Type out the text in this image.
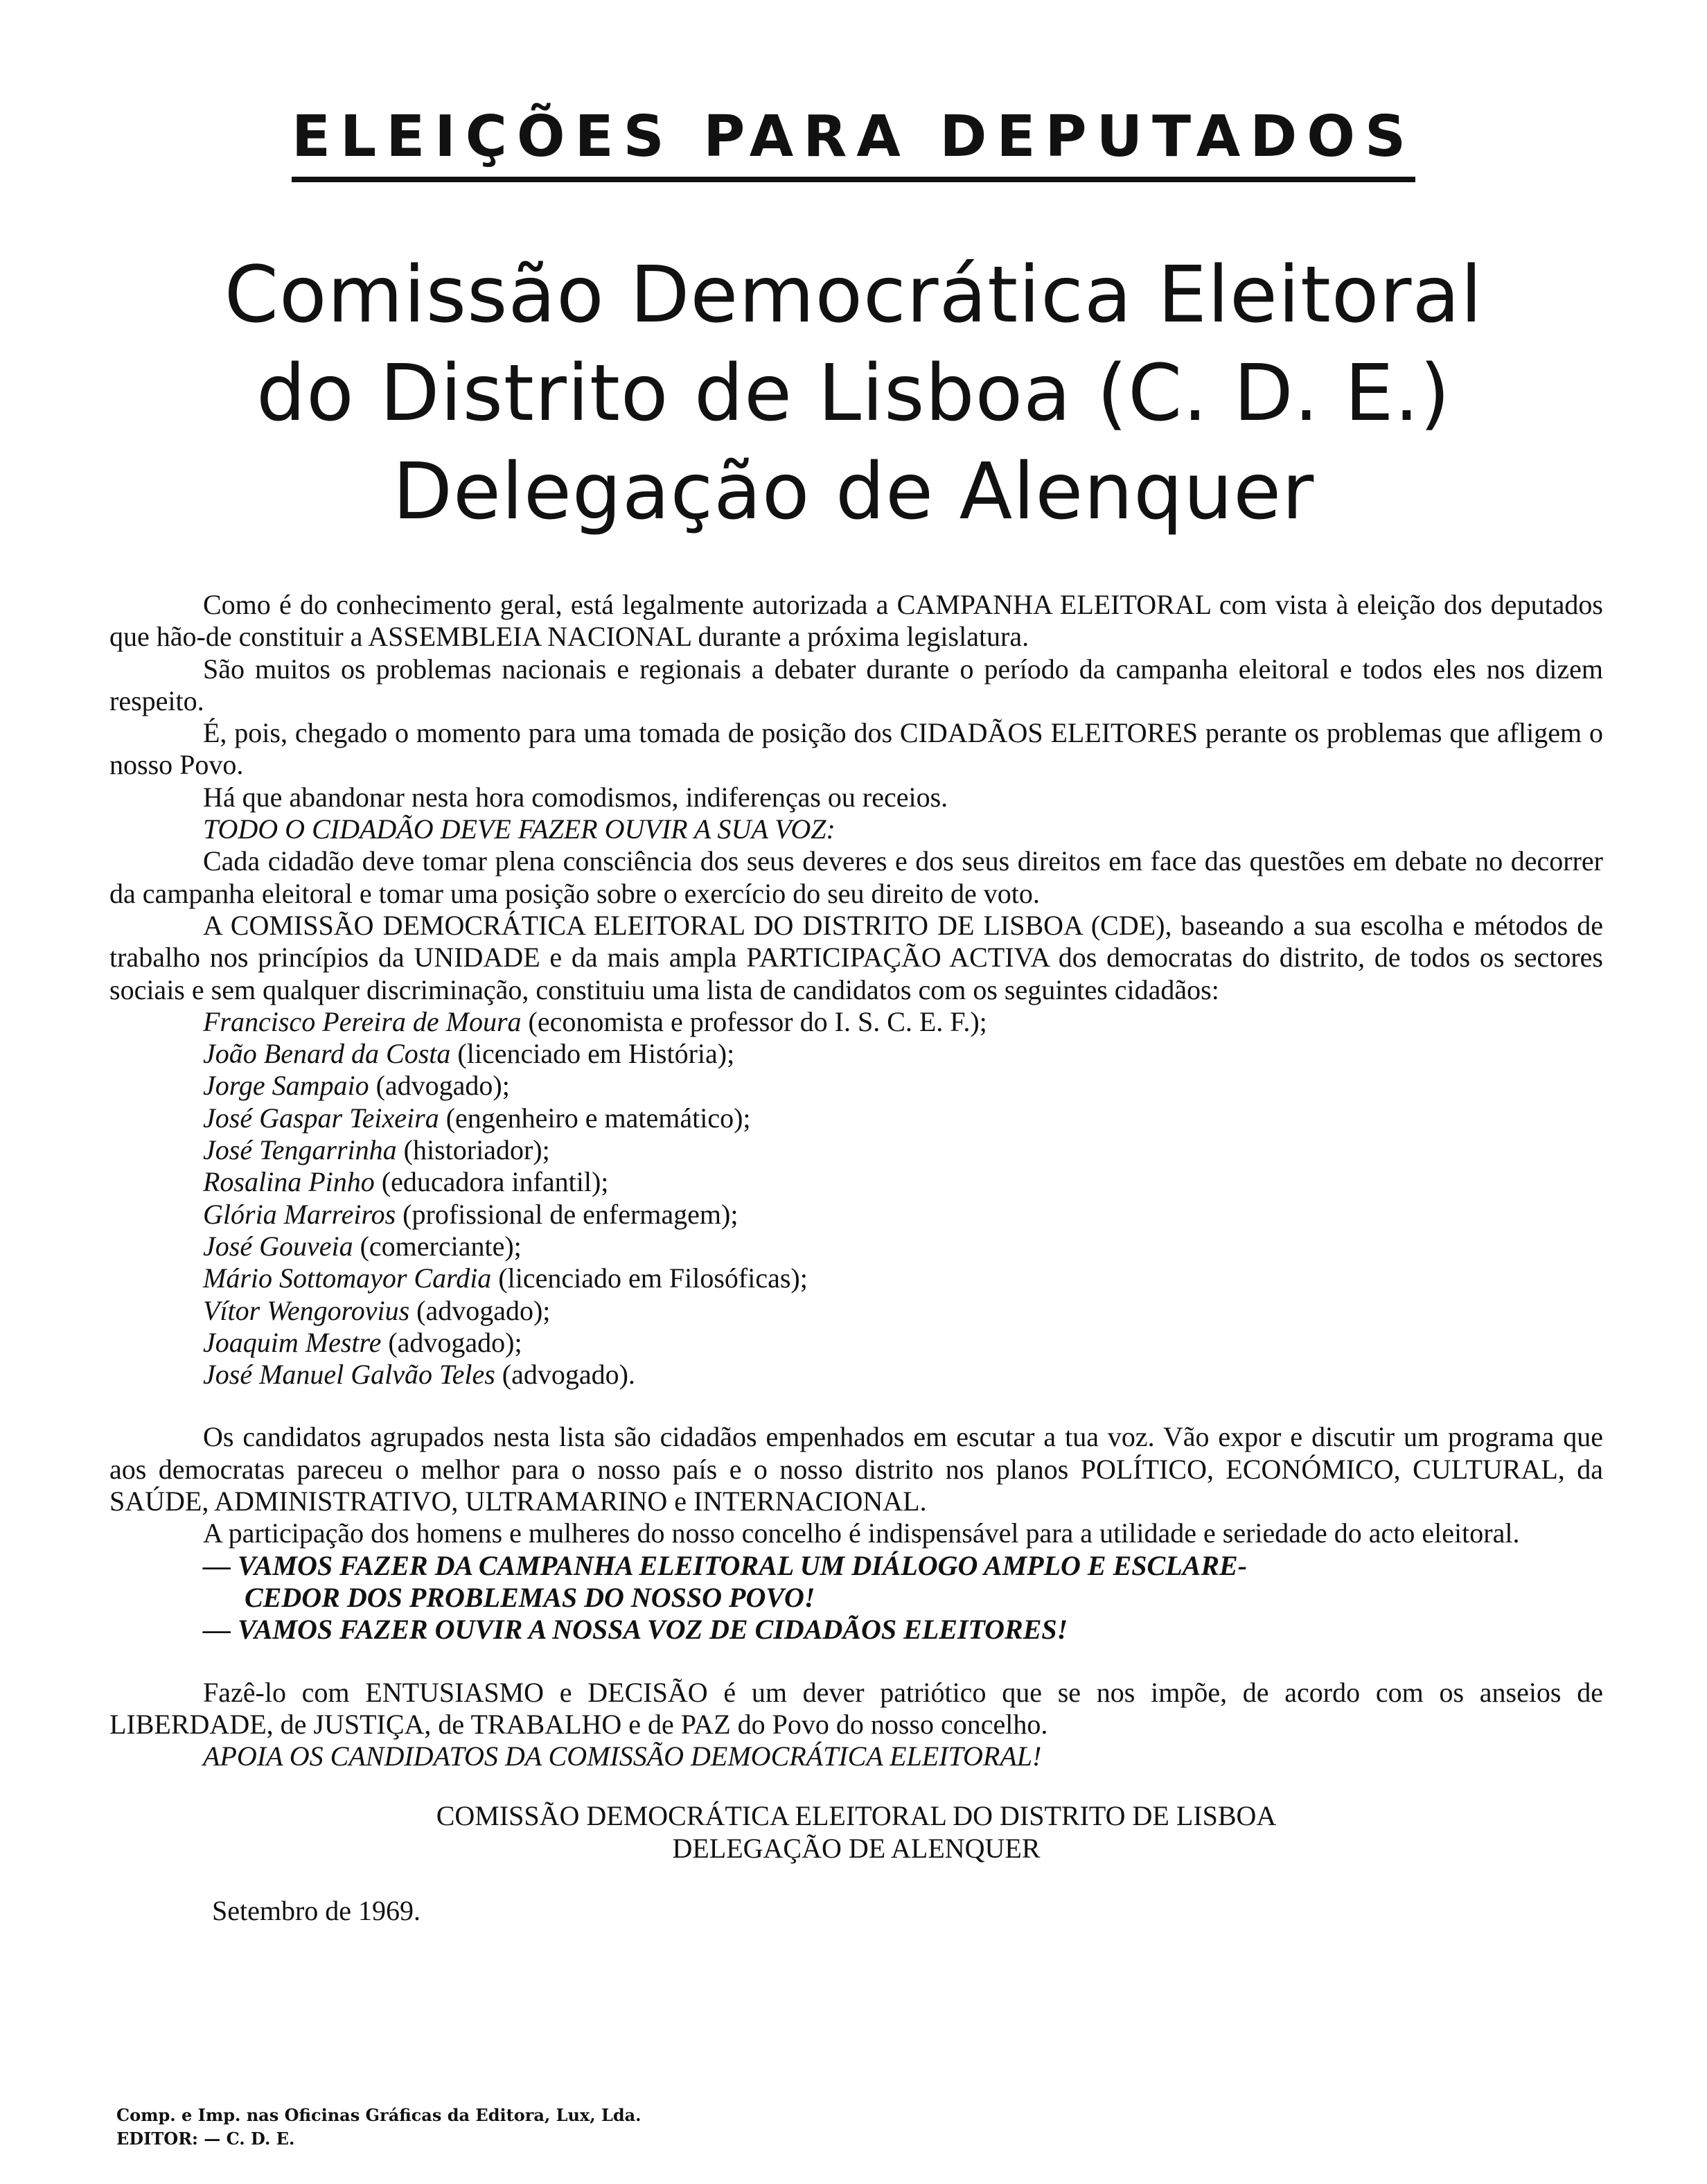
ELEIÇÕES PARA DEPUTADOS
Comissão Democrática Eleitoral
do Distrito de Lisboa (C. D. E.)
Delegação de Alenquer

Como é do conhecimento geral, está legalmente autorizada a CAMPANHA ELEITORAL com vista à eleição dos deputados que hão-de constituir a ASSEMBLEIA NACIONAL durante a próxima legislatura.

São muitos os problemas nacionais e regionais a debater durante o período da campanha eleitoral e todos eles nos dizem respeito.

É, pois, chegado o momento para uma tomada de posição dos CIDADÃOS ELEITORES perante os problemas que afligem o nosso Povo.

Há que abandonar nesta hora comodismos, indiferenças ou receios.

TODO O CIDADÃO DEVE FAZER OUVIR A SUA VOZ:

Cada cidadão deve tomar plena consciência dos seus deveres e dos seus direitos em face das questões em debate no decorrer da campanha eleitoral e tomar uma posição sobre o exercício do seu direito de voto.

A COMISSÃO DEMOCRÁTICA ELEITORAL DO DISTRITO DE LISBOA (CDE), baseando a sua escolha e métodos de trabalho nos princípios da UNIDADE e da mais ampla PARTICIPAÇÃO ACTIVA dos democratas do distrito, de todos os sectores sociais e sem qualquer discriminação, constituiu uma lista de candidatos com os seguintes cidadãos:

Francisco Pereira de Moura (economista e professor do I. S. C. E. F.);

João Benard da Costa (licenciado em História);

Jorge Sampaio (advogado);

José Gaspar Teixeira (engenheiro e matemático);

José Tengarrinha (historiador);

Rosalina Pinho (educadora infantil);

Glória Marreiros (profissional de enfermagem);

José Gouveia (comerciante);

Mário Sottomayor Cardia (licenciado em Filosóficas);

Vítor Wengorovius (advogado);

Joaquim Mestre (advogado);

José Manuel Galvão Teles (advogado).

Os candidatos agrupados nesta lista são cidadãos empenhados em escutar a tua voz. Vão expor e discutir um programa que aos democratas pareceu o melhor para o nosso país e o nosso distrito nos planos POLÍTICO, ECONÓMICO, CULTURAL, da SAÚDE, ADMINISTRATIVO, ULTRAMARINO e INTERNACIONAL.

A participação dos homens e mulheres do nosso concelho é indispensável para a utilidade e seriedade do acto eleitoral.

— VAMOS FAZER DA CAMPANHA ELEITORAL UM DIÁLOGO AMPLO E ESCLARE-
CEDOR DOS PROBLEMAS DO NOSSO POVO!

— VAMOS FAZER OUVIR A NOSSA VOZ DE CIDADÃOS ELEITORES!

Fazê-lo com ENTUSIASMO e DECISÃO é um dever patriótico que se nos impõe, de acordo com os anseios de LIBERDADE, de JUSTIÇA, de TRABALHO e de PAZ do Povo do nosso concelho.

APOIA OS CANDIDATOS DA COMISSÃO DEMOCRÁTICA ELEITORAL!

COMISSÃO DEMOCRÁTICA ELEITORAL DO DISTRITO DE LISBOA

DELEGAÇÃO DE ALENQUER

Setembro de 1969.

Comp. e Imp. nas Oficinas Gráficas da Editora, Lux, Lda.
EDITOR: — C. D. E.
